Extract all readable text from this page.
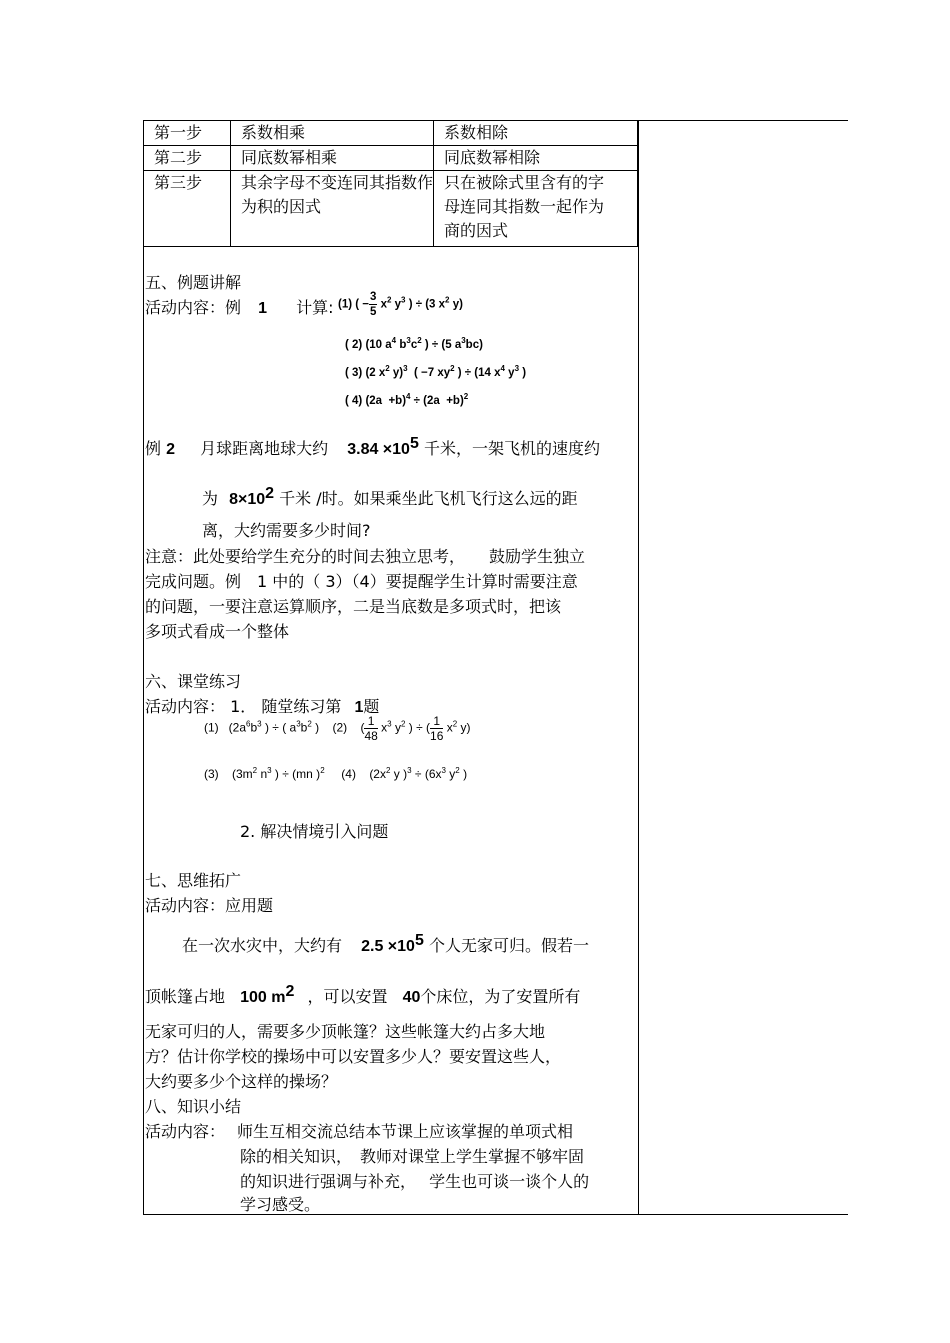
第一步	系数相乘	系数相除
第二步	同底数幂相乘	同底数幂相除
第三步	其余字母不变连同其指数作为积的因式	只在被除式里含有的字母连同其指数一起作为商的因式
五、例题讲解
活动内容：例 1 计算: (1) ( − $\frac{3}{5} x^2$ $y^3$ ) ÷ (3 $x^2$ y)
( 2) (10 $a^4$ $b^3c^2$ ) ÷ (5 $a^3bc$)
( 3) (2 $x^2$ y)$^3$  ( −7 $xy^2$ ) ÷ (14 $x^4$ $y^3$ )
( 4) $(2a +b)^4 \div (2a +b)^2$
例 2 月球距离地球大约 $3.84 \times 10^5$ 千米，一架飞机的速度约
为 $8\times 10^2$ 千米 /时。如果乘坐此飞机飞行这么远的距
离，大约需要多少时间?
注意：此处要给学生充分的时间去独立思考，　　鼓励学生独立
完成问题。例　1 中的（ 3）（4）要提醒学生计算时需要注意
的问题，一要注意运算顺序，二是当底数是多项式时，把该
多项式看成一个整体
六、课堂练习
活动内容： 1． 随堂练习第 1题
(1)   ($2a^6b^3$ ) ÷ ( $a^3b^2$ )    (2)    ( $\frac{1}{48} x^3$ $y^2$ ) ÷ ( $\frac{1}{16} x^2$ y)
(3)    ($3m^2$ $n^3$ ) ÷ (mn )$^2$     (4)    ($2x^2$ y )$^3 \div (6x^3$ $y^2$ )
2. 解决情境引入问题
七、思维拓广
活动内容：应用题
在一次水灾中，大约有 $2.5 \times 10^5$ 个人无家可归。假若一
顶帐篷占地 100 $m^2$ ，可以安置 40个床位，为了安置所有
无家可归的人，需要多少顶帐篷？这些帐篷大约占多大地
方？估计你学校的操场中可以安置多少人？要安置这些人，
大约要多少个这样的操场？
八、知识小结
活动内容： 师生互相交流总结本节课上应该掌握的单项式相
除的相关知识，　教师对课堂上学生掌握不够牢固
的知识进行强调与补充，　 学生也可谈一谈个人的
学习感受。
